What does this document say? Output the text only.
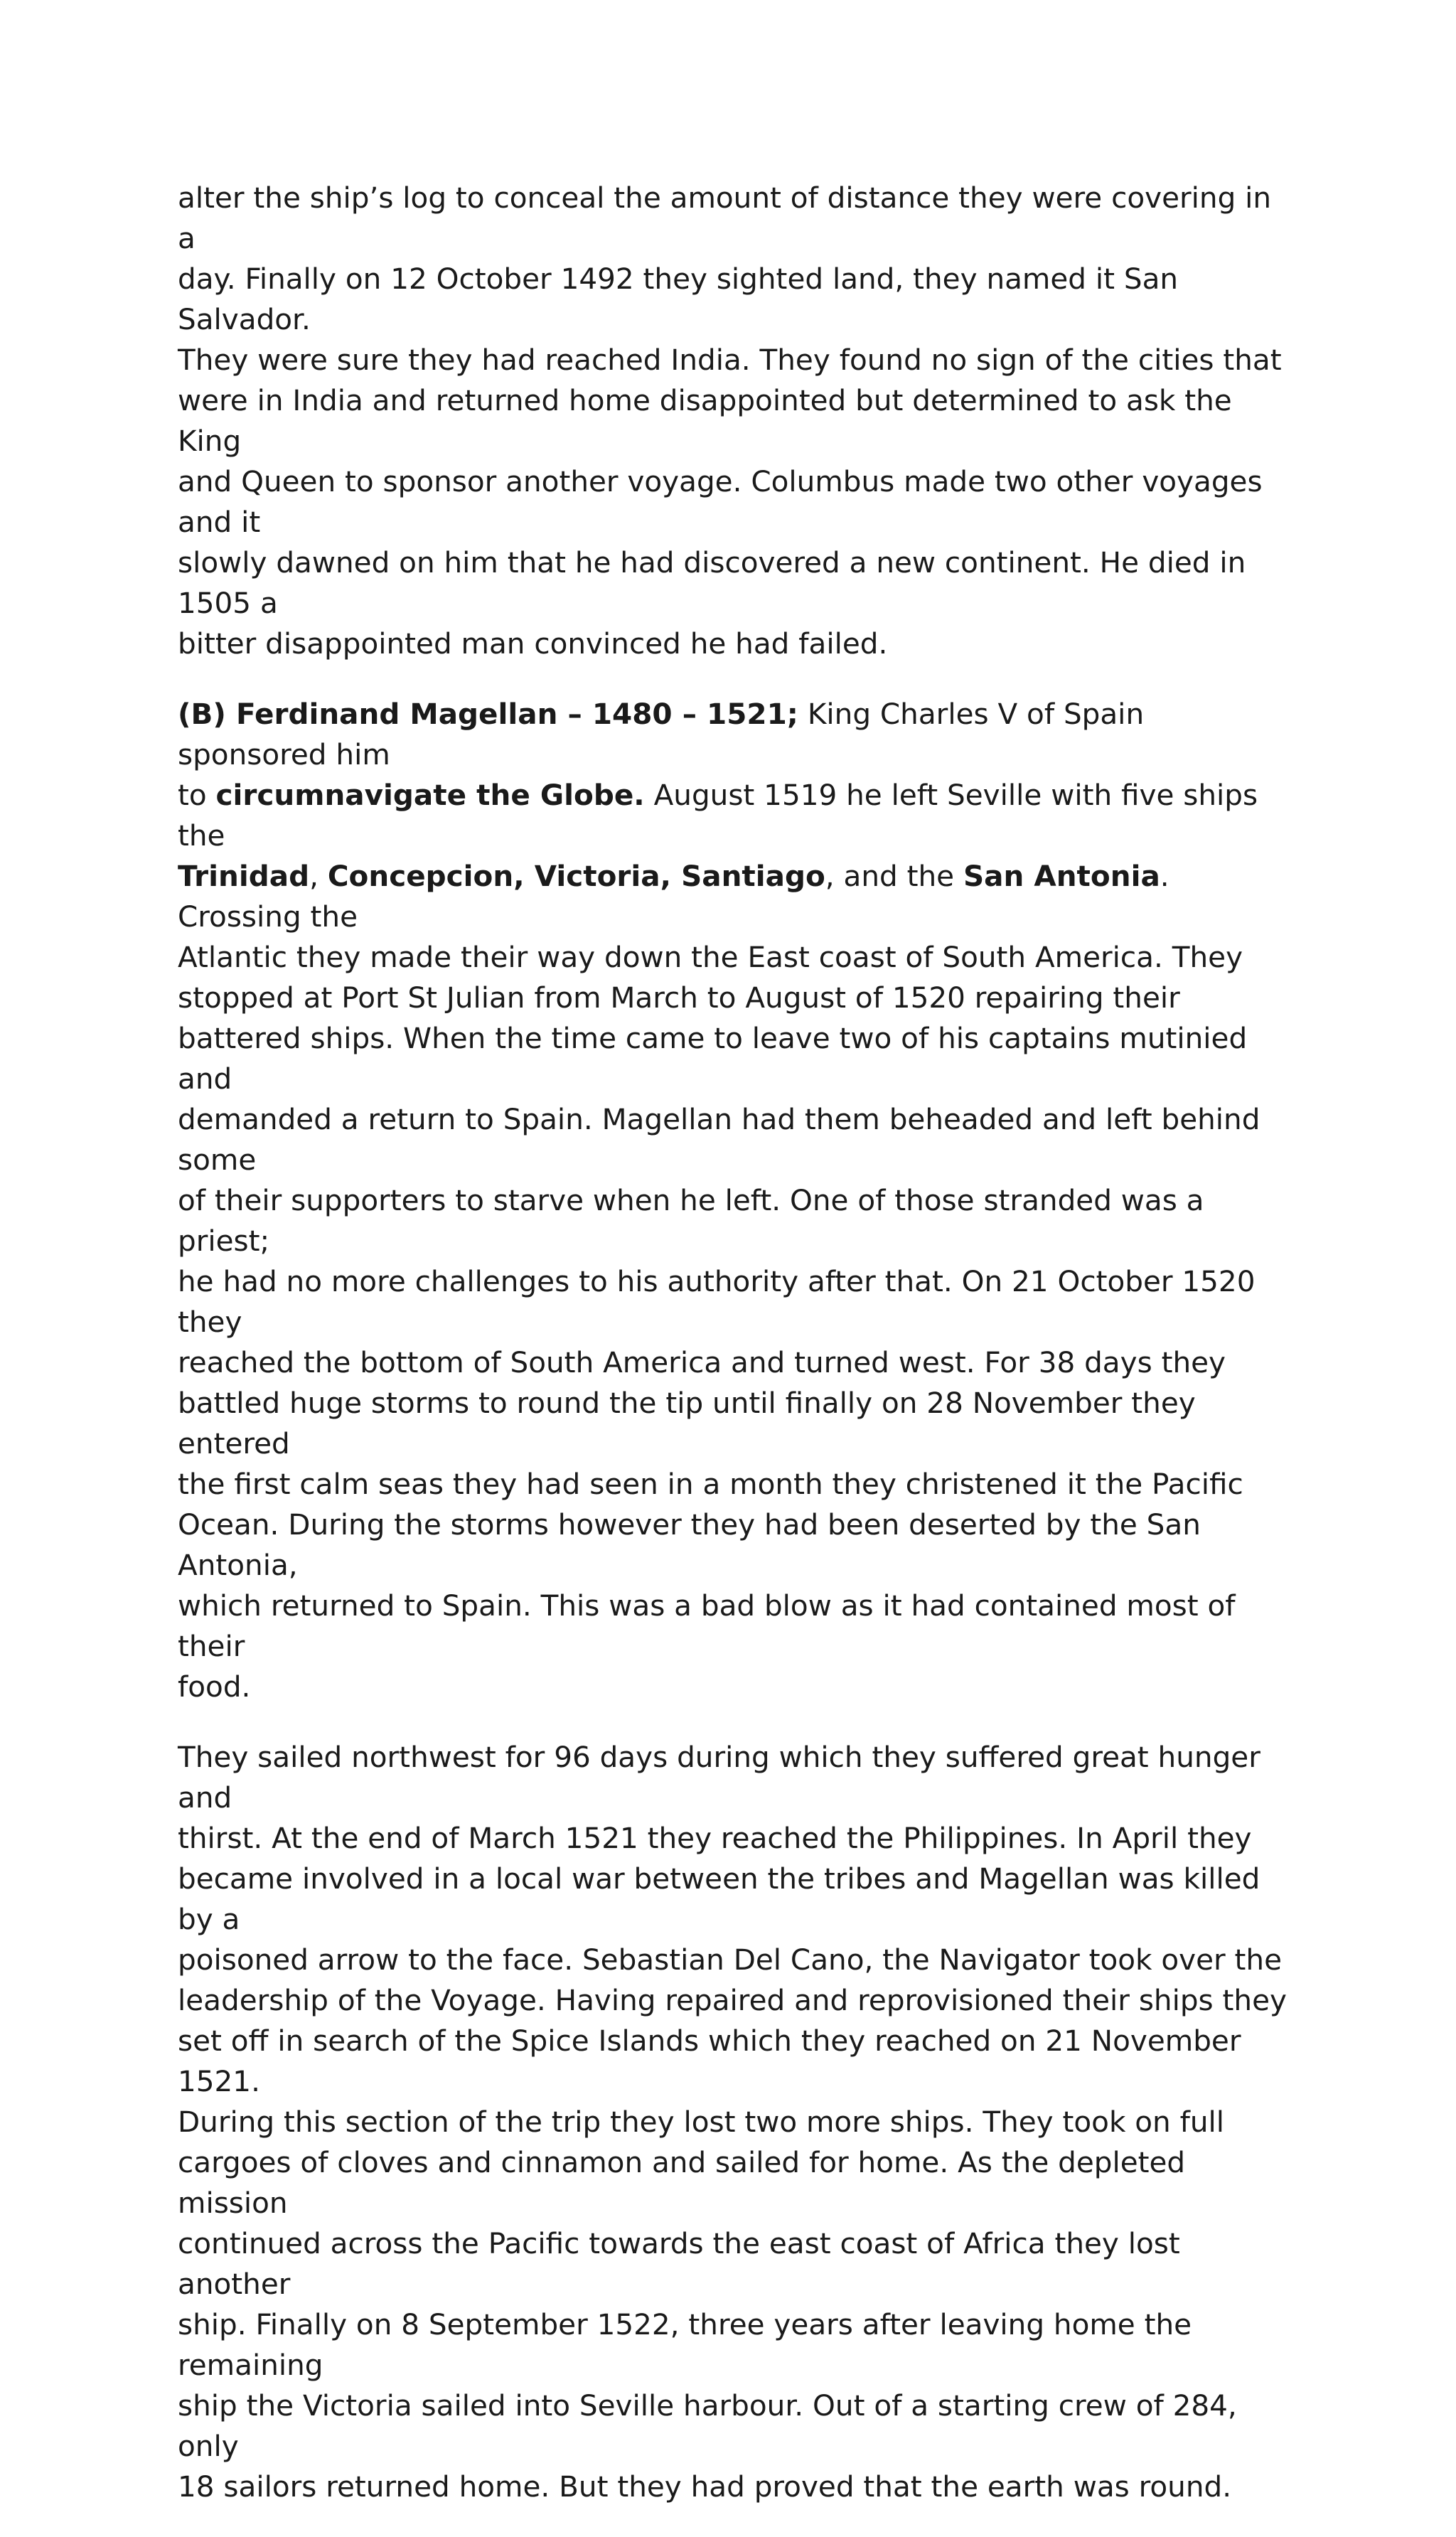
alter the ship’s log to conceal the amount of distance they were covering in a
day. Finally on 12 October 1492 they sighted land, they named it San Salvador.
They were sure they had reached India. They found no sign of the cities that
were in India and returned home disappointed but determined to ask the King
and Queen to sponsor another voyage. Columbus made two other voyages and it
slowly dawned on him that he had discovered a new continent. He died in 1505 a
bitter disappointed man convinced he had failed.

(B) Ferdinand Magellan – 1480 – 1521; King Charles V of Spain sponsored him
to circumnavigate the Globe. August 1519 he left Seville with five ships the
Trinidad, Concepcion, Victoria, Santiago, and the San Antonia. Crossing the
Atlantic they made their way down the East coast of South America. They
stopped at Port St Julian from March to August of 1520 repairing their
battered ships. When the time came to leave two of his captains mutinied and
demanded a return to Spain. Magellan had them beheaded and left behind some
of their supporters to starve when he left. One of those stranded was a priest;
he had no more challenges to his authority after that. On 21 October 1520 they
reached the bottom of South America and turned west. For 38 days they
battled huge storms to round the tip until finally on 28 November they entered
the first calm seas they had seen in a month they christened it the Pacific
Ocean. During the storms however they had been deserted by the San Antonia,
which returned to Spain. This was a bad blow as it had contained most of their
food.

They sailed northwest for 96 days during which they suffered great hunger and
thirst. At the end of March 1521 they reached the Philippines. In April they
became involved in a local war between the tribes and Magellan was killed by a
poisoned arrow to the face. Sebastian Del Cano, the Navigator took over the
leadership of the Voyage. Having repaired and reprovisioned their ships they
set off in search of the Spice Islands which they reached on 21 November 1521.
During this section of the trip they lost two more ships. They took on full
cargoes of cloves and cinnamon and sailed for home. As the depleted mission
continued across the Pacific towards the east coast of Africa they lost another
ship. Finally on 8 September 1522, three years after leaving home the remaining
ship the Victoria sailed into Seville harbour. Out of a starting crew of 284, only
18 sailors returned home. But they had proved that the earth was round.
